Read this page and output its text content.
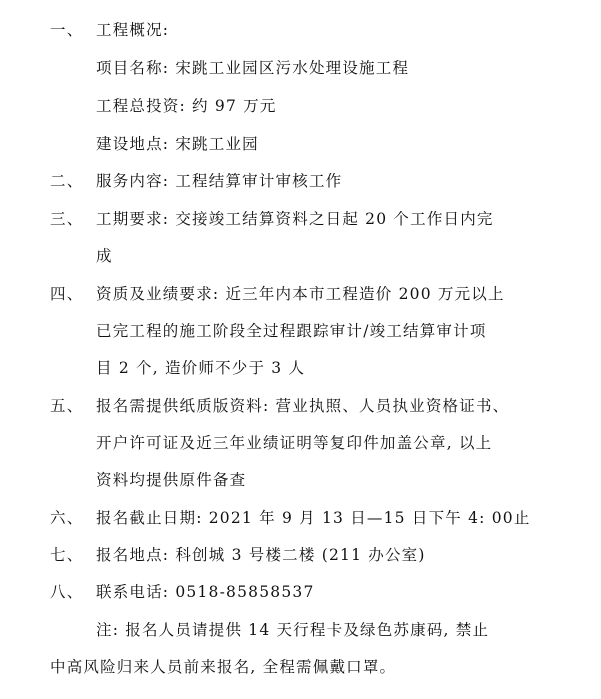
一、 工程概况:
项目名称: 宋跳工业园区污水处理设施工程
工程总投资: 约 97 万元
建设地点: 宋跳工业园
二、 服务内容: 工程结算审计审核工作
三、 工期要求: 交接竣工结算资料之日起 20 个工作日内完
成
四、 资质及业绩要求: 近三年内本市工程造价 200 万元以上
已完工程的施工阶段全过程跟踪审计/竣工结算审计项
目 2 个, 造价师不少于 3 人
五、 报名需提供纸质版资料: 营业执照、人员执业资格证书、
开户许可证及近三年业绩证明等复印件加盖公章, 以上
资料均提供原件备查
六、 报名截止日期: 2021 年 9 月 13 日—15 日下午 4: 00止
七、 报名地点: 科创城 3 号楼二楼 (211 办公室)
八、 联系电话: 0518-85858537
注: 报名人员请提供 14 天行程卡及绿色苏康码, 禁止
中高风险归来人员前来报名, 全程需佩戴口罩。
